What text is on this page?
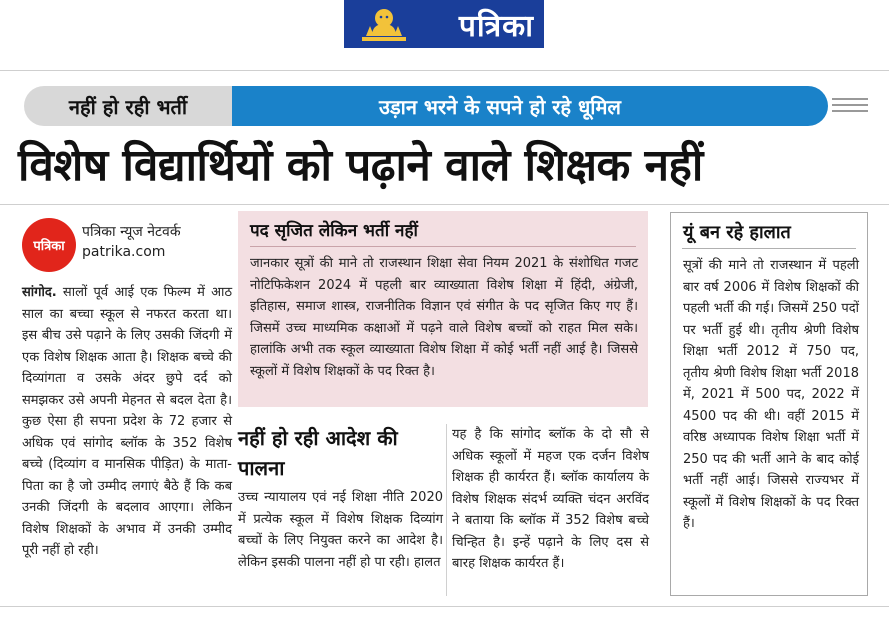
पत्रिका
नहीं हो रही भर्ती	उड़ान भरने के सपने हो रहे धूमिल
विशेष विद्यार्थियों को पढ़ाने वाले शिक्षक नहीं
पत्रिका
पत्रिका न्यूज नेटवर्क
patrika.com
सांगोद. सालों पूर्व आई एक फिल्म में आठ साल का बच्चा स्कूल से नफरत करता था। इस बीच उसे पढ़ाने के लिए उसकी जिंदगी में एक विशेष शिक्षक आता है। शिक्षक बच्चे की दिव्यांगता व उसके अंदर छुपे दर्द को समझकर उसे अपनी मेहनत से बदल देता है। कुछ ऐसा ही सपना प्रदेश के 72 हजार से अधिक एवं सांगोद ब्लॉक के 352 विशेष बच्चे (दिव्यांग व मानसिक पीड़ित) के माता-पिता का है जो उम्मीद लगाएं बैठे हैं कि कब उनकी जिंदगी के बदलाव आएगा। लेकिन विशेष शिक्षकों के अभाव में उनकी उम्मीद पूरी नहीं हो रही।
पद सृजित लेकिन भर्ती नहीं
जानकार सूत्रों की माने तो राजस्थान शिक्षा सेवा नियम 2021 के संशोधित गजट नोटिफिकेशन 2024 में पहली बार व्याख्याता विशेष शिक्षा में हिंदी, अंग्रेजी, इतिहास, समाज शास्त्र, राजनीतिक विज्ञान एवं संगीत के पद सृजित किए गए हैं। जिसमें उच्च माध्यमिक कक्षाओं में पढ़ने वाले विशेष बच्चों को राहत मिल सके। हालांकि अभी तक स्कूल व्याख्याता विशेष शिक्षा में कोई भर्ती नहीं आई है। जिससे स्कूलों में विशेष शिक्षकों के पद रिक्त है।
नहीं हो रही आदेश की पालना
उच्च न्यायालय एवं नई शिक्षा नीति 2020 में प्रत्येक स्कूल में विशेष शिक्षक दिव्यांग बच्चों के लिए नियुक्त करने का आदेश है। लेकिन इसकी पालना नहीं हो पा रही। हालत
यह है कि सांगोद ब्लॉक के दो सौ से अधिक स्कूलों में महज एक दर्जन विशेष शिक्षक ही कार्यरत हैं। ब्लॉक कार्यालय के विशेष शिक्षक संदर्भ व्यक्ति चंदन अरविंद ने बताया कि ब्लॉक में 352 विशेष बच्चे चिन्हित है। इन्हें पढ़ाने के लिए दस से बारह शिक्षक कार्यरत हैं।
यूं बन रहे हालात
सूत्रों की माने तो राजस्थान में पहली बार वर्ष 2006 में विशेष शिक्षकों की पहली भर्ती की गई। जिसमें 250 पदों पर भर्ती हुई थी। तृतीय श्रेणी विशेष शिक्षा भर्ती 2012 में 750 पद, तृतीय श्रेणी विशेष शिक्षा भर्ती 2018 में, 2021 में 500 पद, 2022 में 4500 पद की थी। वहीं 2015 में वरिष्ठ अध्यापक विशेष शिक्षा भर्ती में 250 पद की भर्ती आने के बाद कोई भर्ती नहीं आई। जिससे राज्यभर में स्कूलों में विशेष शिक्षकों के पद रिक्त हैं।
